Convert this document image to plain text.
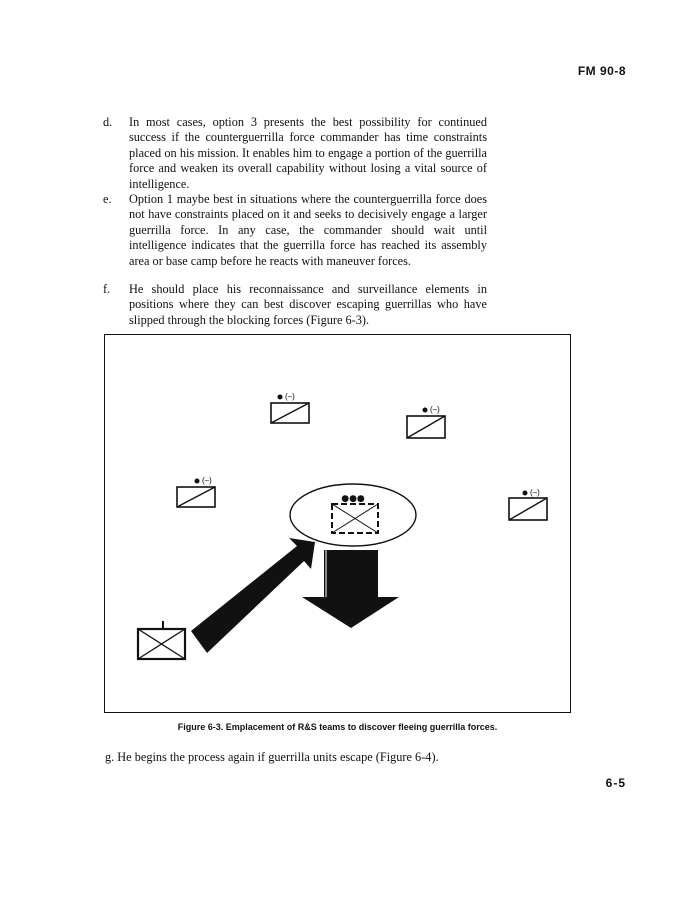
FM 90-8
d. In most cases, option 3 presents the best possibility for continued success if the counterguerrilla force commander has time constraints placed on his mission. It enables him to engage a portion of the guerrilla force and weaken its overall capability without losing a vital source of intelligence.
e. Option 1 maybe best in situations where the counterguerrilla force does not have constraints placed on it and seeks to decisively engage a larger guerrilla force. In any case, the commander should wait until intelligence indicates that the guerrilla force has reached its assembly area or base camp before he reacts with maneuver forces.
f. He should place his reconnaissance and surveillance elements in positions where they can best discover escaping guerrillas who have slipped through the blocking forces (Figure 6-3).
(–)
(–)
(–)
(–)
●●●
Figure 6-3. Emplacement of R&S teams to discover fleeing guerrilla forces.
g. He begins the process again if guerrilla units escape (Figure 6-4).
6-5
